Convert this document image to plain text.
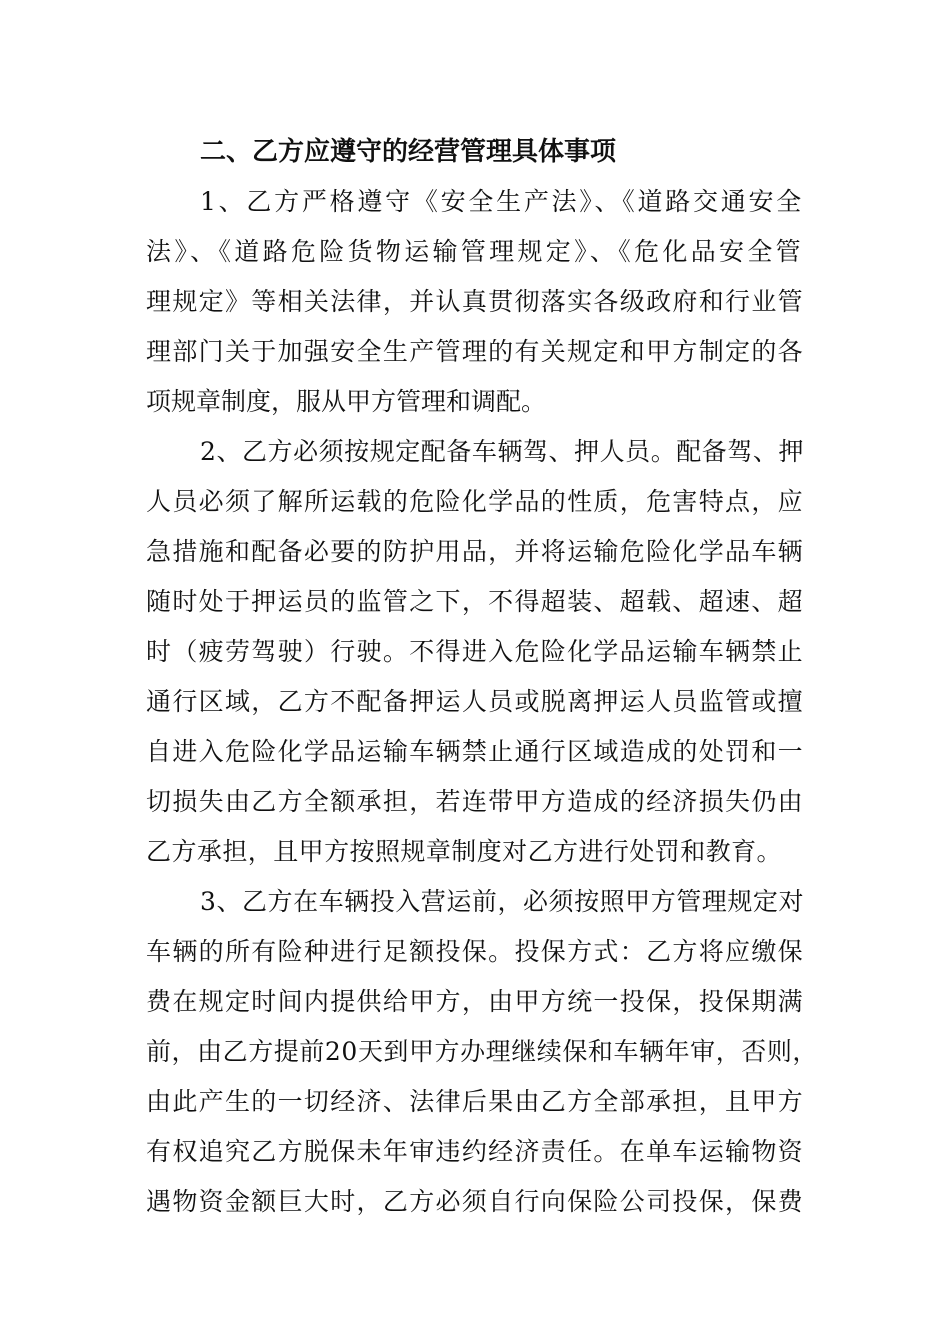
二、乙方应遵守的经营管理具体事项
1、乙方严格遵守《安全生产法》、《道路交通安全
法》、《道路危险货物运输管理规定》、《危化品安全管
理规定》等相关法律，并认真贯彻落实各级政府和行业管
理部门关于加强安全生产管理的有关规定和甲方制定的各
项规章制度，服从甲方管理和调配。
2、乙方必须按规定配备车辆驾、押人员。配备驾、押
人员必须了解所运载的危险化学品的性质，危害特点，应
急措施和配备必要的防护用品，并将运输危险化学品车辆
随时处于押运员的监管之下，不得超装、超载、超速、超
时（疲劳驾驶）行驶。不得进入危险化学品运输车辆禁止
通行区域，乙方不配备押运人员或脱离押运人员监管或擅
自进入危险化学品运输车辆禁止通行区域造成的处罚和一
切损失由乙方全额承担，若连带甲方造成的经济损失仍由
乙方承担，且甲方按照规章制度对乙方进行处罚和教育。
3、乙方在车辆投入营运前，必须按照甲方管理规定对
车辆的所有险种进行足额投保。投保方式：乙方将应缴保
费在规定时间内提供给甲方，由甲方统一投保，投保期满
前，由乙方提前20天到甲方办理继续保和车辆年审，否则，
由此产生的一切经济、法律后果由乙方全部承担，且甲方
有权追究乙方脱保未年审违约经济责任。在单车运输物资
遇物资金额巨大时，乙方必须自行向保险公司投保，保费
